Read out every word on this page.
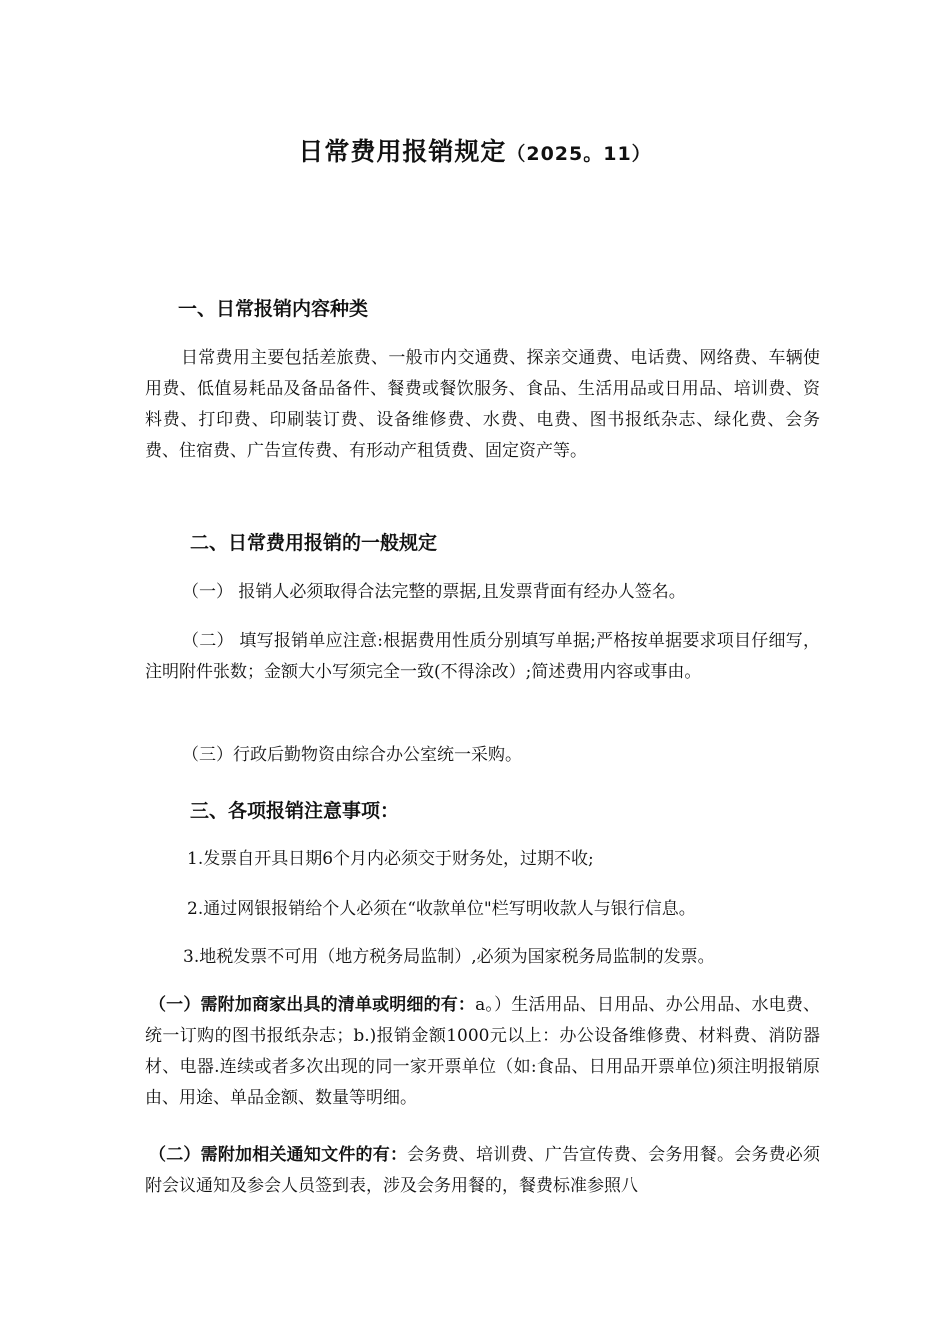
日常费用报销规定（2025。11）
一、日常报销内容种类
日常费用主要包括差旅费、一般市内交通费、探亲交通费、电话费、网络费、车辆使用费、低值易耗品及备品备件、餐费或餐饮服务、食品、生活用品或日用品、培训费、资料费、打印费、印刷装订费、设备维修费、水费、电费、图书报纸杂志、绿化费、会务费、住宿费、广告宣传费、有形动产租赁费、固定资产等。
二、日常费用报销的一般规定
（一） 报销人必须取得合法完整的票据,且发票背面有经办人签名。
（二） 填写报销单应注意:根据费用性质分别填写单据;严格按单据要求项目仔细写，注明附件张数；金额大小写须完全一致(不得涂改）;简述费用内容或事由。
（三）行政后勤物资由综合办公室统一采购。
三、各项报销注意事项：
1.发票自开具日期6个月内必须交于财务处，过期不收;
2.通过网银报销给个人必须在“收款单位"栏写明收款人与银行信息。
3.地税发票不可用（地方税务局监制）,必须为国家税务局监制的发票。
（一）需附加商家出具的清单或明细的有：a。）生活用品、日用品、办公用品、水电费、统一订购的图书报纸杂志；b.)报销金额1000元以上：办公设备维修费、材料费、消防器材、电器.连续或者多次出现的同一家开票单位（如:食品、日用品开票单位)须注明报销原由、用途、单品金额、数量等明细。
（二）需附加相关通知文件的有：会务费、培训费、广告宣传费、会务用餐。会务费必须附会议通知及参会人员签到表，涉及会务用餐的，餐费标准参照八
